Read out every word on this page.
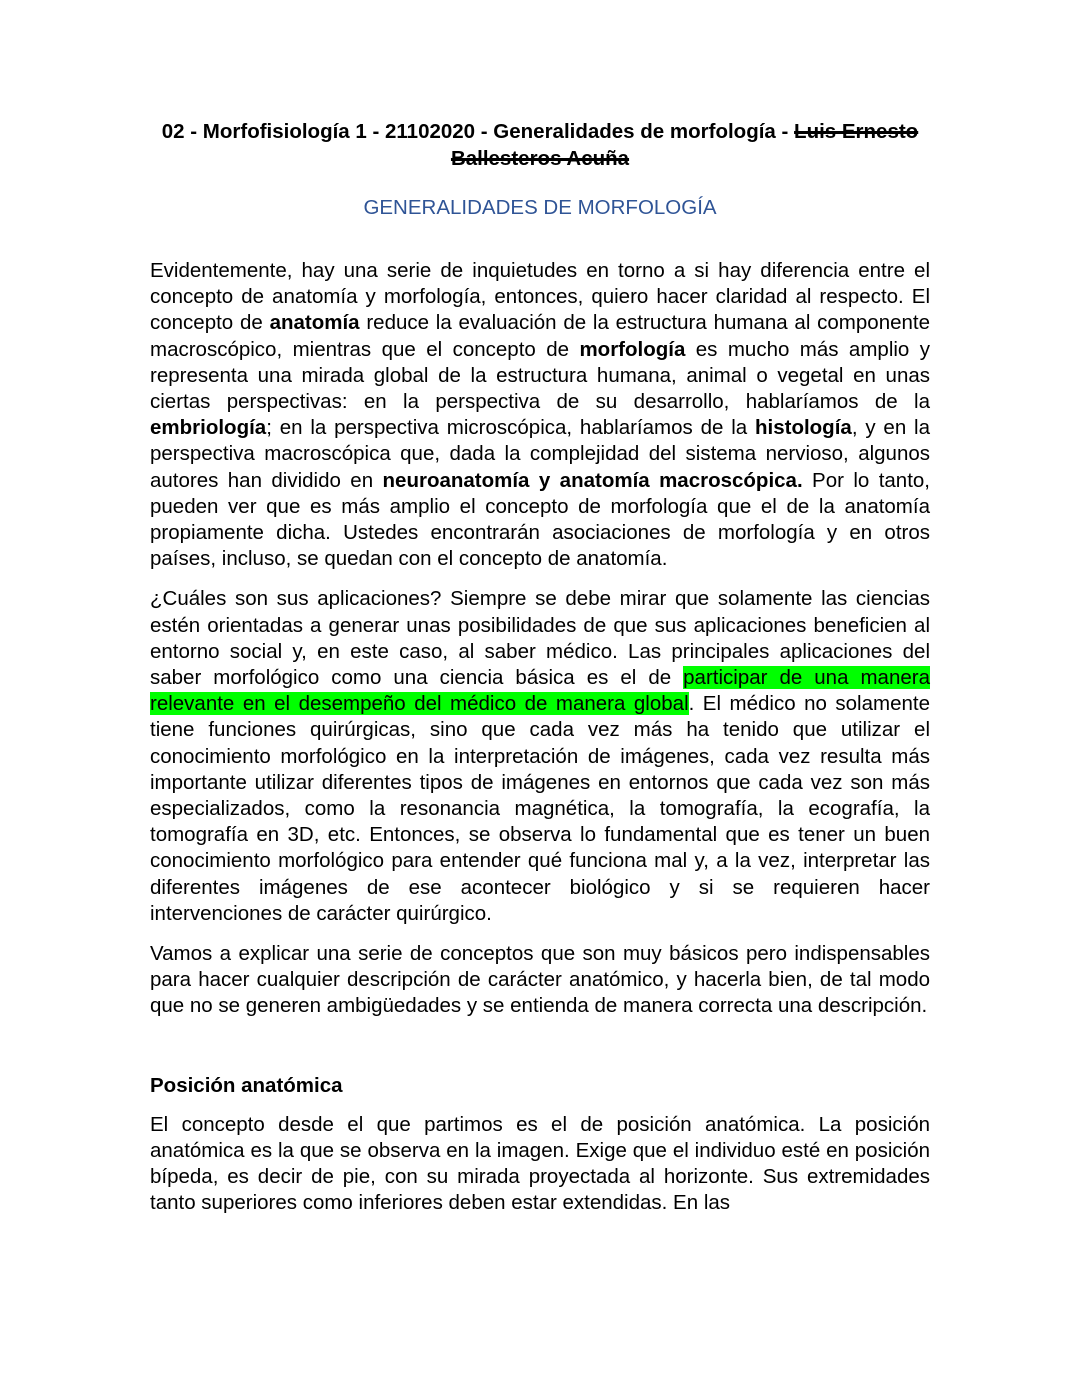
02 - Morfofisiología 1 - 21102020 - Generalidades de morfología - Luis Ernesto Ballesteros Acuña
GENERALIDADES DE MORFOLOGÍA

Evidentemente, hay una serie de inquietudes en torno a si hay diferencia entre el concepto de anatomía y morfología, entonces, quiero hacer claridad al respecto. El concepto de anatomía reduce la evaluación de la estructura humana al componente macroscópico, mientras que el concepto de morfología es mucho más amplio y representa una mirada global de la estructura humana, animal o vegetal en unas ciertas perspectivas: en la perspectiva de su desarrollo, hablaríamos de la embriología; en la perspectiva microscópica, hablaríamos de la histología, y en la perspectiva macroscópica que, dada la complejidad del sistema nervioso, algunos autores han dividido en neuroanatomía y anatomía macroscópica. Por lo tanto, pueden ver que es más amplio el concepto de morfología que el de la anatomía propiamente dicha. Ustedes encontrarán asociaciones de morfología y en otros países, incluso, se quedan con el concepto de anatomía.

¿Cuáles son sus aplicaciones? Siempre se debe mirar que solamente las ciencias estén orientadas a generar unas posibilidades de que sus aplicaciones beneficien al entorno social y, en este caso, al saber médico. Las principales aplicaciones del saber morfológico como una ciencia básica es el de participar de una manera relevante en el desempeño del médico de manera global. El médico no solamente tiene funciones quirúrgicas, sino que cada vez más ha tenido que utilizar el conocimiento morfológico en la interpretación de imágenes, cada vez resulta más importante utilizar diferentes tipos de imágenes en entornos que cada vez son más especializados, como la resonancia magnética, la tomografía, la ecografía, la tomografía en 3D, etc. Entonces, se observa lo fundamental que es tener un buen conocimiento morfológico para entender qué funciona mal y, a la vez, interpretar las diferentes imágenes de ese acontecer biológico y si se requieren hacer intervenciones de carácter quirúrgico.

Vamos a explicar una serie de conceptos que son muy básicos pero indispensables para hacer cualquier descripción de carácter anatómico, y hacerla bien, de tal modo que no se generen ambigüedades y se entienda de manera correcta una descripción.

Posición anatómica

El concepto desde el que partimos es el de posición anatómica. La posición anatómica es la que se observa en la imagen. Exige que el individuo esté en posición bípeda, es decir de pie, con su mirada proyectada al horizonte. Sus extremidades tanto superiores como inferiores deben estar extendidas. En las
